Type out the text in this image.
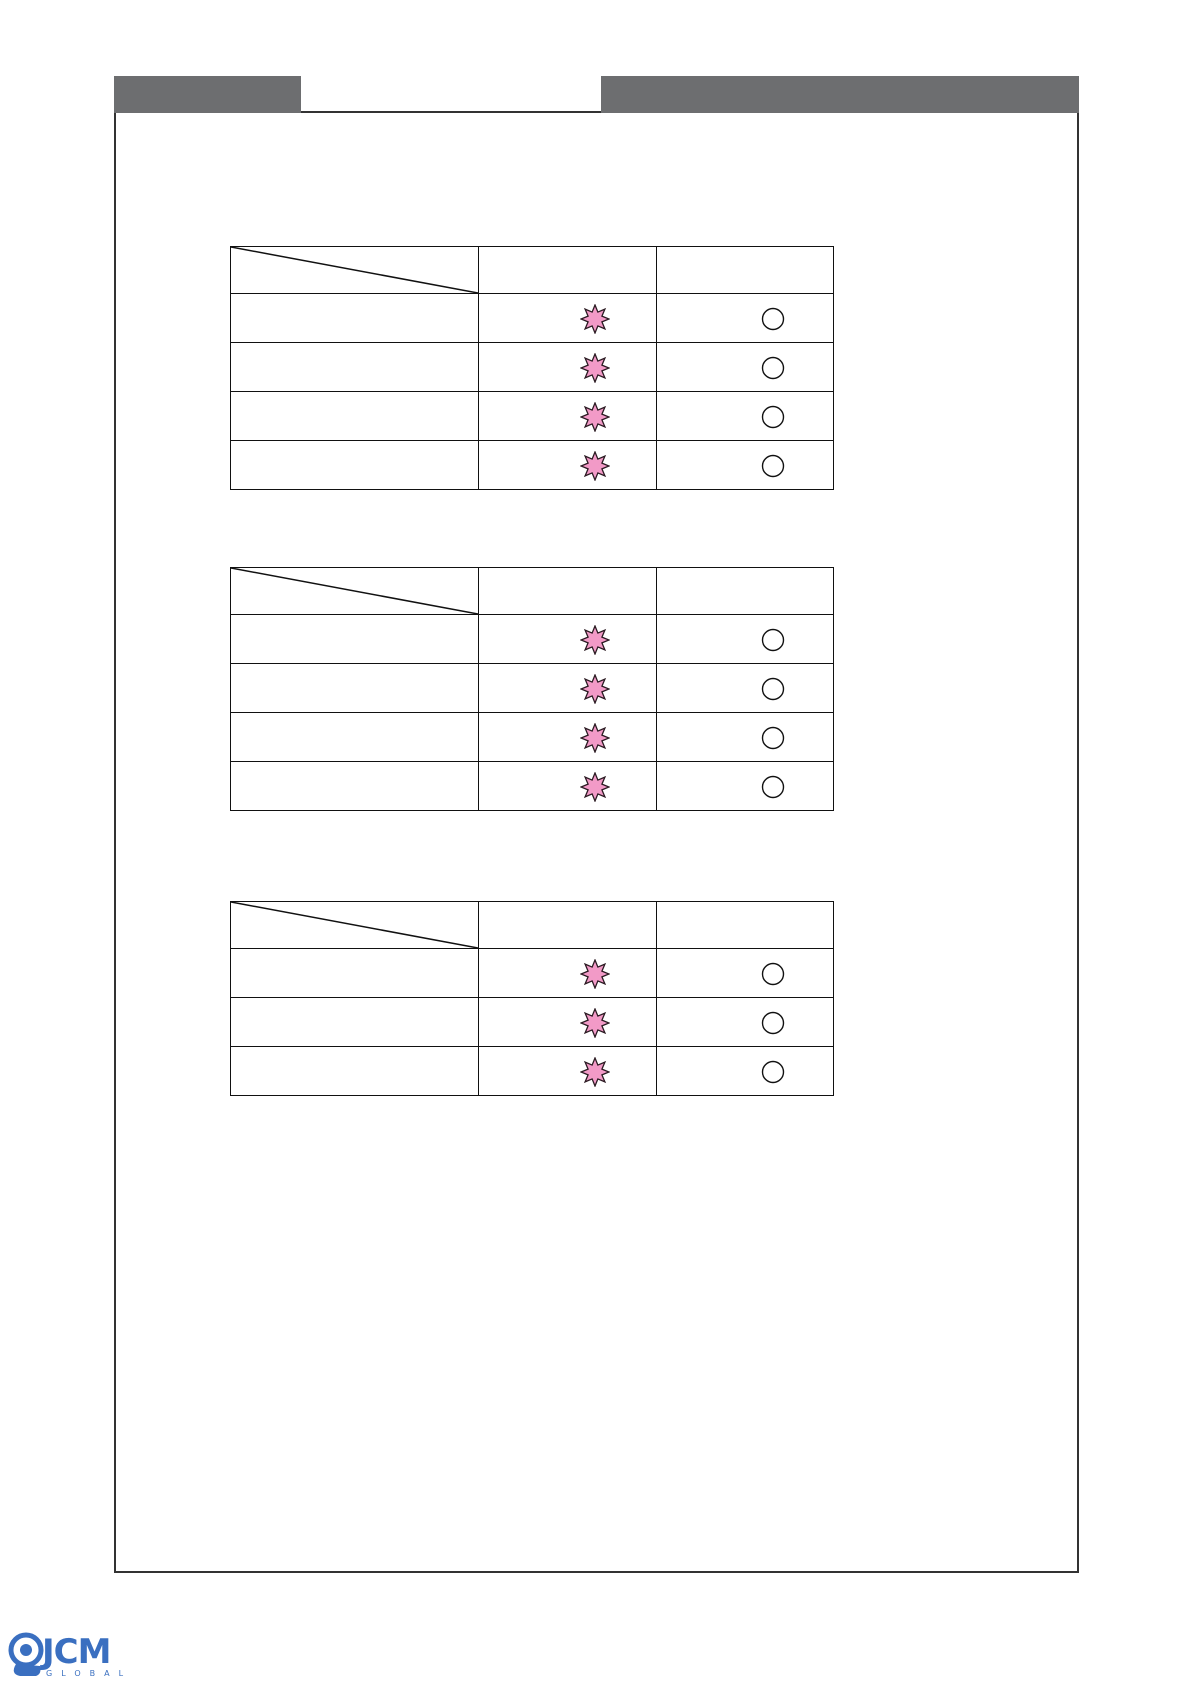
JCM
GLOBAL
